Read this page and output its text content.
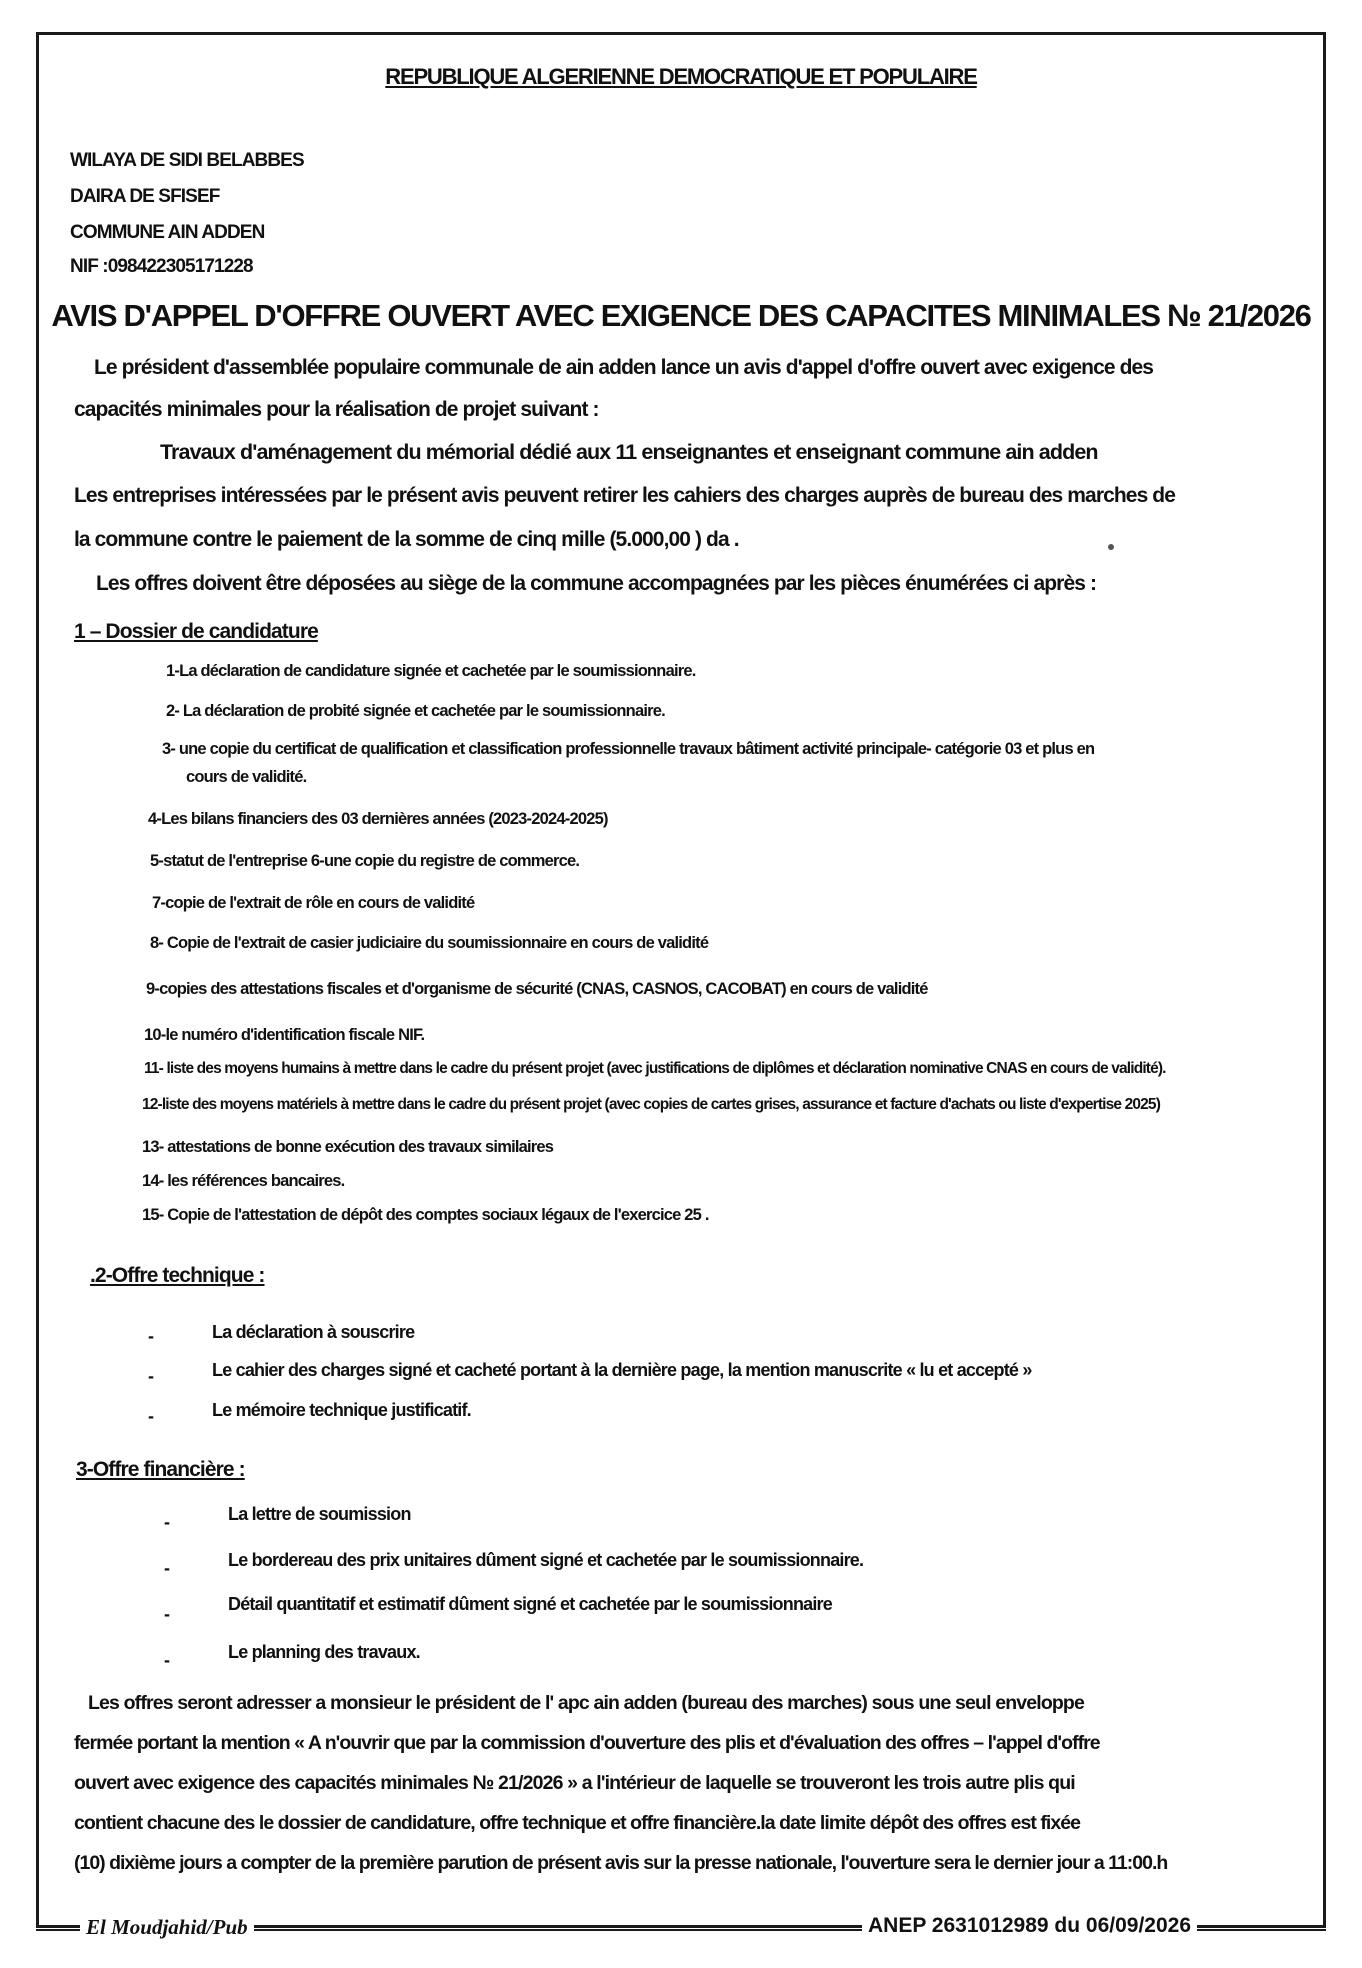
REPUBLIQUE ALGERIENNE DEMOCRATIQUE ET POPULAIRE
WILAYA DE SIDI BELABBES
DAIRA DE SFISEF
COMMUNE AIN ADDEN
NIF :098422305171228
AVIS D'APPEL D'OFFRE OUVERT AVEC EXIGENCE DES CAPACITES MINIMALES № 21/2026
Le président d'assemblée populaire communale de ain adden lance un avis d'appel d'offre ouvert avec exigence des
capacités minimales pour la réalisation de projet suivant :
Travaux d'aménagement du mémorial dédié aux 11 enseignantes et enseignant commune ain adden
Les entreprises intéressées par le présent avis peuvent retirer les cahiers des charges auprès de bureau des marches de
la commune contre le paiement de la somme de cinq mille (5.000,00 ) da .
Les offres doivent être déposées au siège de la commune accompagnées par les pièces énumérées ci après :
1 – Dossier de candidature
1-La déclaration de candidature signée et cachetée par le soumissionnaire.
2- La déclaration de probité signée et cachetée par le soumissionnaire.
3- une copie du certificat de qualification et classification professionnelle travaux bâtiment activité principale- catégorie 03 et plus en
cours de validité.
4-Les bilans financiers des 03 dernières années (2023-2024-2025)
5-statut de l'entreprise 6-une copie du registre de commerce.
7-copie de l'extrait de rôle en cours de validité
8- Copie de l'extrait de casier judiciaire du soumissionnaire en cours de validité
9-copies des attestations fiscales et d'organisme de sécurité (CNAS, CASNOS, CACOBAT) en cours de validité
10-le numéro d'identification fiscale NIF.
11- liste des moyens humains à mettre dans le cadre du présent projet (avec justifications de diplômes et déclaration nominative CNAS en cours de validité).
12-liste des moyens matériels à mettre dans le cadre du présent projet (avec copies de cartes grises, assurance et facture d'achats ou liste d'expertise 2025)
13- attestations de bonne exécution des travaux similaires
14- les références bancaires.
15- Copie de l'attestation de dépôt des comptes sociaux légaux de l'exercice 25 .
.2-Offre technique :
-	La déclaration à souscrire
-	Le cahier des charges signé et cacheté portant à la dernière page, la mention manuscrite « lu et accepté »
-	Le mémoire technique justificatif.
3-Offre financière :
-	La lettre de soumission
-	Le bordereau des prix unitaires dûment signé et cachetée par le soumissionnaire.
-	Détail quantitatif et estimatif dûment signé et cachetée par le soumissionnaire
-	Le planning des travaux.
Les offres seront adresser a monsieur le président de l' apc ain adden (bureau des marches) sous une seul enveloppe
fermée portant la mention « A n'ouvrir que par la commission d'ouverture des plis et d'évaluation des offres – l'appel d'offre
ouvert avec exigence des capacités minimales № 21/2026 » a l'intérieur de laquelle se trouveront les trois autre plis qui
contient chacune des le dossier de candidature, offre technique et offre financière.la date limite dépôt des offres est fixée
(10) dixième jours a compter de la première parution de présent avis sur la presse nationale, l'ouverture sera le dernier jour a 11:00.h
El Moudjahid/Pub	ANEP 2631012989 du 06/09/2026
